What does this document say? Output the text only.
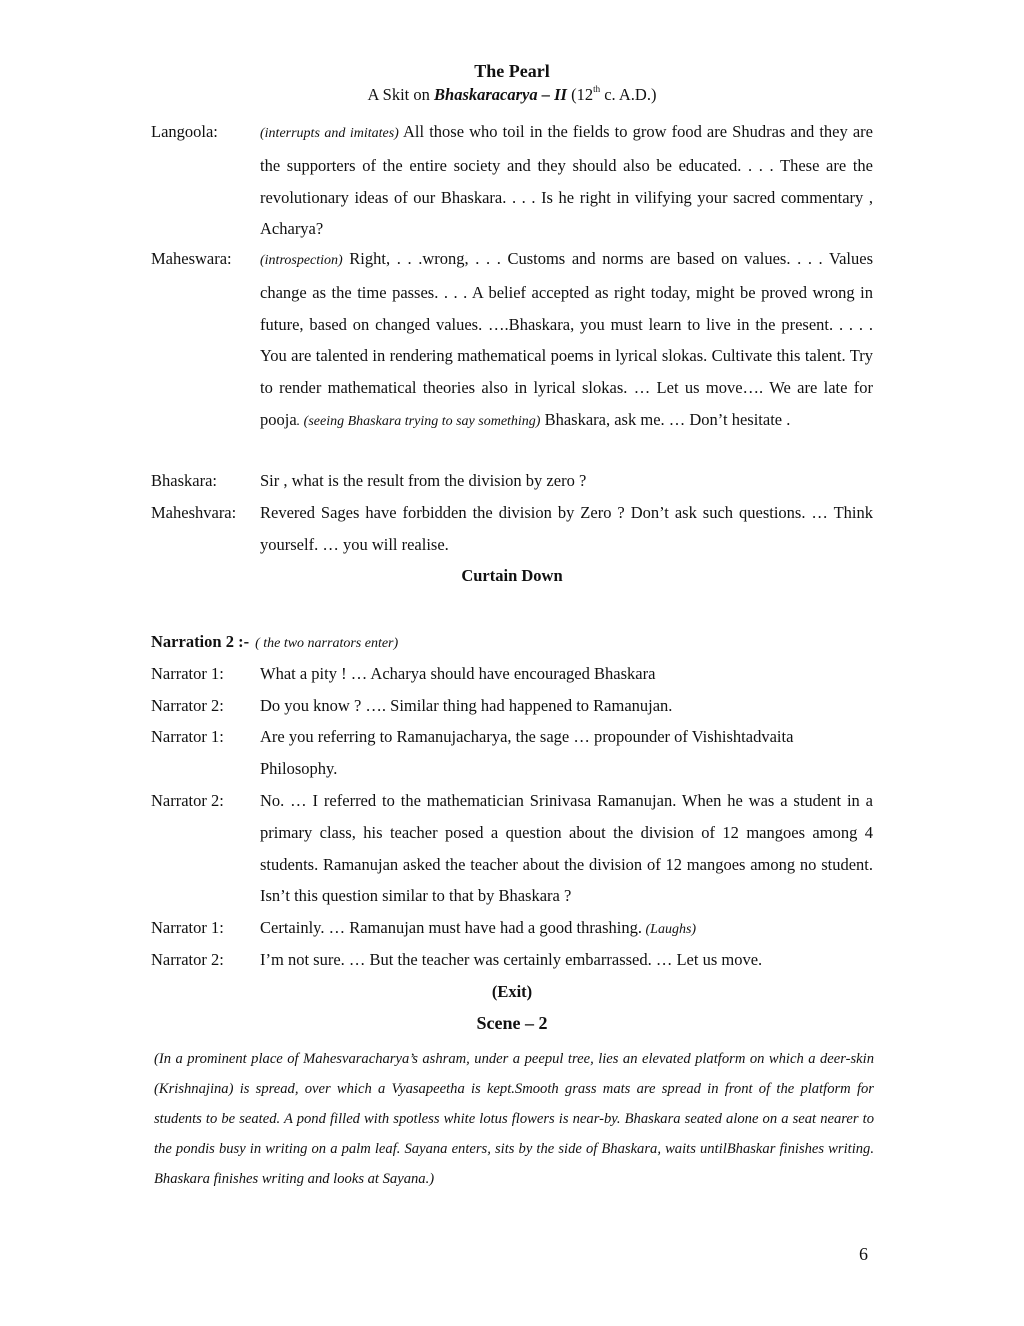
The Pearl
A Skit on Bhaskaracarya – II (12th c. A.D.)
Langoola:	(interrupts and imitates) All those who toil in the fields to grow food are Shudras and they are the supporters of the entire society and they should also be educated. . . . These are the revolutionary ideas of our Bhaskara. . . . Is he right in vilifying your sacred commentary , Acharya?
Maheswara: (introspection) Right, . . .wrong, . . . Customs and norms are based on values. . . . Values change as the time passes. . . . A belief accepted as right today, might be proved wrong in future, based on changed values. ….Bhaskara, you must learn to live in the present. . . . . You are talented in rendering mathematical poems in lyrical slokas. Cultivate this talent. Try to render mathematical theories also in lyrical slokas. … Let us move…. We are late for pooja. (seeing Bhaskara trying to say something) Bhaskara, ask me. … Don’t hesitate .
Bhaskara:	Sir , what is the result from the division by zero ?
Maheshvara: Revered Sages have forbidden the division by Zero ? Don’t ask such questions. … Think yourself. … you will realise.
Curtain Down
Narration 2 :- ( the two narrators enter)
Narrator 1: What a pity ! … Acharya should have encouraged Bhaskara
Narrator 2: Do you know ? …. Similar thing had happened to Ramanujan.
Narrator 1: Are you referring to Ramanujacharya, the sage … propounder of Vishishtadvaita Philosophy.
Narrator 2: No. … I referred to the mathematician Srinivasa Ramanujan. When he was a student in a primary class, his teacher posed a question about the division of 12 mangoes among 4 students. Ramanujan asked the teacher about the division of 12 mangoes among no student. Isn’t this question similar to that by Bhaskara ?
Narrator 1: Certainly. … Ramanujan must have had a good thrashing. (Laughs)
Narrator 2: I’m not sure. … But the teacher was certainly embarrassed. … Let us move.
(Exit)
Scene – 2
(In a prominent place of Mahesvaracharya’s ashram, under a peepul tree, lies an elevated platform on which a deer-skin (Krishnajina) is spread, over which a Vyasapeetha is kept.Smooth grass mats are spread in front of the platform for students to be seated. A pond filled with spotless white lotus flowers is near-by. Bhaskara seated alone on a seat nearer to the pondis busy in writing on a palm leaf. Sayana enters, sits by the side of Bhaskara, waits untilBhaskar finishes writing. Bhaskara finishes writing and looks at Sayana.)
6
